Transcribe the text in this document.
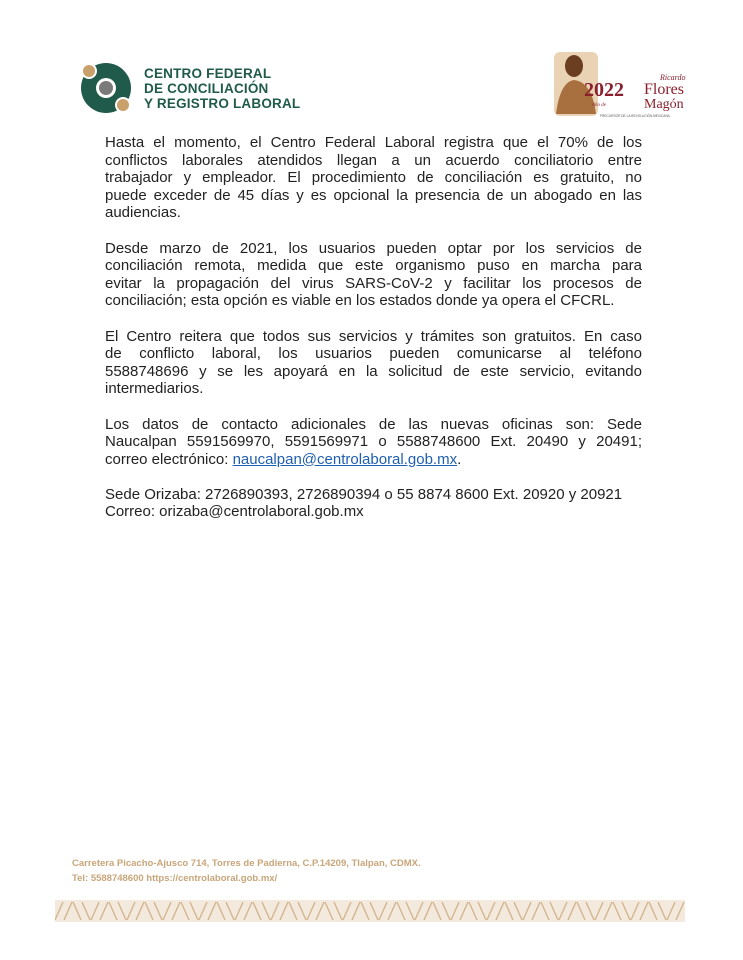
CENTRO FEDERAL
DE CONCILIACIÓN
Y REGISTRO LABORAL
2022
Año de
Ricardo
Flores
Magón
PRECURSOR DE LA REVOLUCIÓN MEXICANA
Hasta el momento, el Centro Federal Laboral registra que el 70% de los
conflictos laborales atendidos llegan a un acuerdo conciliatorio entre
trabajador y empleador. El procedimiento de conciliación es gratuito, no
puede exceder de 45 días y es opcional la presencia de un abogado en las
audiencias.
Desde marzo de 2021, los usuarios pueden optar por los servicios de
conciliación remota, medida que este organismo puso en marcha para
evitar la propagación del virus SARS-CoV-2 y facilitar los procesos de
conciliación; esta opción es viable en los estados donde ya opera el CFCRL.
El Centro reitera que todos sus servicios y trámites son gratuitos. En caso
de conflicto laboral, los usuarios pueden comunicarse al teléfono
5588748696 y se les apoyará en la solicitud de este servicio, evitando
intermediarios.
Los datos de contacto adicionales de las nuevas oficinas son: Sede
Naucalpan 5591569970, 5591569971 o 5588748600 Ext. 20490 y 20491;
correo electrónico: naucalpan@centrolaboral.gob.mx.
Sede Orizaba: 2726890393, 2726890394 o 55 8874 8600 Ext. 20920 y 20921
Correo: orizaba@centrolaboral.gob.mx
Carretera Picacho-Ajusco 714, Torres de Padierna, C.P.14209, Tlalpan, CDMX.
Tel: 5588748600 https://centrolaboral.gob.mx/
